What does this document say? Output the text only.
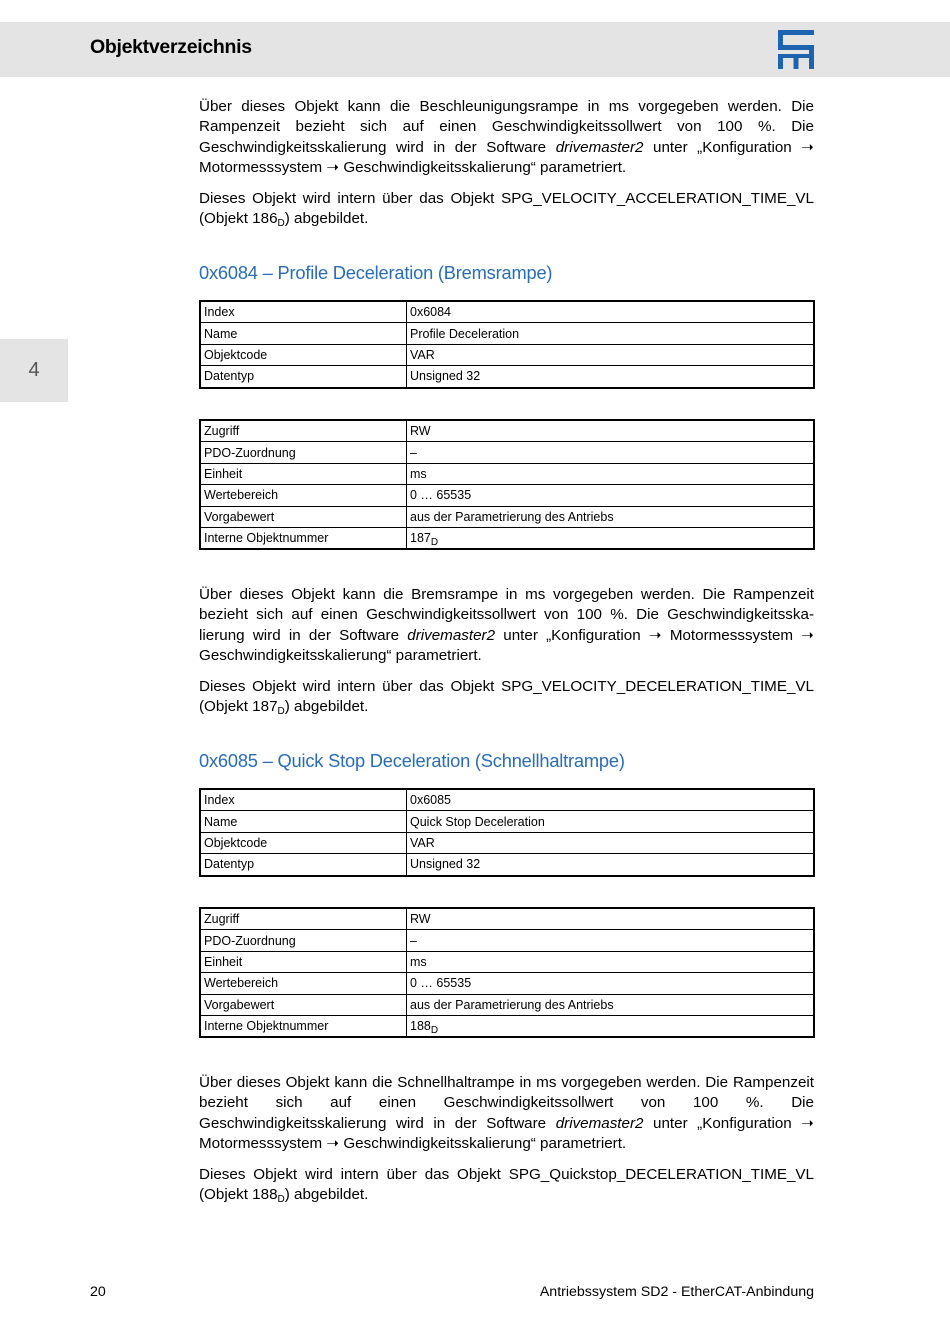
Objektverzeichnis
4

Über dieses Objekt kann die Beschleunigungsrampe in ms vorgegeben werden. Die Rampenzeit bezieht sich auf einen Geschwindigkeitssollwert von 100 %. Die Geschwindigkeitsskalierung wird in der Software drivemaster2 unter „Konfiguration ➝ Motormesssystem ➝ Geschwindigkeitsskalierung“ parametriert.

Dieses Objekt wird intern über das Objekt SPG_VELOCITY_ACCELERATION_TIME_VL (Objekt $186_D$) abgebildet.

0x6084 – Profile Deceleration (Bremsrampe)
Index	0x6084
Name	Profile Deceleration
Objektcode	VAR
Datentyp	Unsigned 32
Zugriff	RW
PDO-Zuordnung	–
Einheit	ms
Wertebereich	0 … 65535
Vorgabewert	aus der Parametrierung des Antriebs
Interne Objektnummer	$187_D$

Über dieses Objekt kann die Bremsrampe in ms vorgegeben werden. Die Rampenzeit bezieht sich auf einen Geschwindigkeitssollwert von 100 %. Die Geschwindigkeitsskalierung wird in der Software drivemaster2 unter „Konfiguration ➝ Motormesssystem ➝ Geschwindigkeitsskalierung“ parametriert.

Dieses Objekt wird intern über das Objekt SPG_VELOCITY_DECELERATION_TIME_VL (Objekt $187_D$) abgebildet.

0x6085 – Quick Stop Deceleration (Schnellhaltrampe)
Index	0x6085
Name	Quick Stop Deceleration
Objektcode	VAR
Datentyp	Unsigned 32
Zugriff	RW
PDO-Zuordnung	–
Einheit	ms
Wertebereich	0 … 65535
Vorgabewert	aus der Parametrierung des Antriebs
Interne Objektnummer	$188_D$

Über dieses Objekt kann die Schnellhaltrampe in ms vorgegeben werden. Die Rampenzeit bezieht sich auf einen Geschwindigkeitssollwert von 100 %. Die Geschwindigkeitsskalierung wird in der Software drivemaster2 unter „Konfiguration ➝ Motormesssystem ➝ Geschwindigkeitsskalierung“ parametriert.

Dieses Objekt wird intern über das Objekt SPG_Quickstop_DECELERATION_TIME_VL (Objekt $188_D$) abgebildet.

20	Antriebssystem SD2 - EtherCAT-Anbindung
